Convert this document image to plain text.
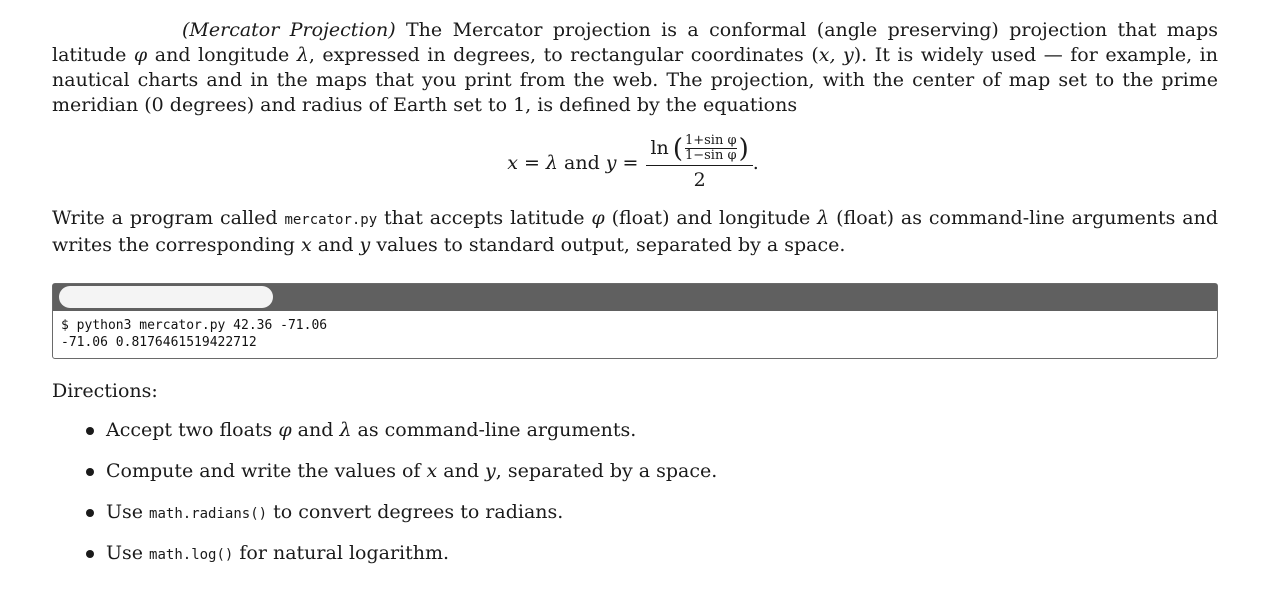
(Mercator Projection) The Mercator projection is a conformal (angle preserving) projection that maps latitude φ and longitude λ, expressed in degrees, to rectangular coordinates (x, y). It is widely used — for example, in nautical charts and in the maps that you print from the web. The projection, with the center of map set to the prime meridian (0 degrees) and radius of Earth set to 1, is defined by the equations

x = λ and y =
ln ( $\frac{\text{1+sin φ}}{\text{1−sin φ}}$ )
2
.

Write a program called mercator.py that accepts latitude φ (float) and longitude λ (float) as command-line arguments and writes the corresponding x and y values to standard output, separated by a space.

$ python3 mercator.py 42.36 -71.06
-71.06 0.8176461519422712
Directions:
Accept two floats φ and λ as command-line arguments.
Compute and write the values of x and y, separated by a space.
Use math.radians() to convert degrees to radians.
Use math.log() for natural logarithm.
